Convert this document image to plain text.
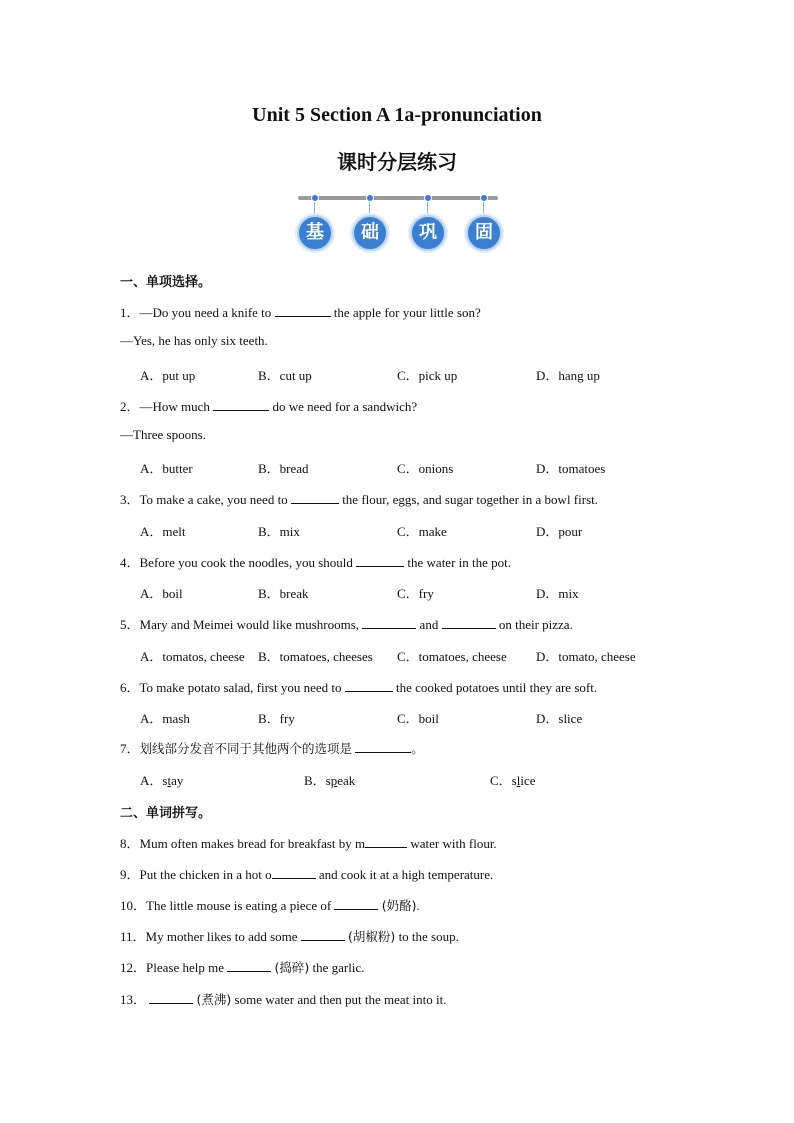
Unit 5 Section A 1a-pronunciation
课时分层练习
基	础	巩	固
一、单项选择。
1．—Do you need a knife to	the apple for your little son?
—Yes, he has only six teeth.
A．put up	B．cut up	C．pick up	D．hang up
2．—How much	do we need for a sandwich?
—Three spoons.
A．butter	B．bread	C．onions	D．tomatoes
3．To make a cake, you need to	the flour, eggs, and sugar together in a bowl first.
A．melt	B．mix	C．make	D．pour
4．Before you cook the noodles, you should	the water in the pot.
A．boil	B．break	C．fry	D．mix
5．Mary and Meimei would like mushrooms,	and	on their pizza.
A．tomatos, cheese B．tomatoes, cheeses C．tomatoes, cheese D．tomato, cheese
6．To make potato salad, first you need to	the cooked potatoes until they are soft.
A．mash	B．fry	C．boil	D．slice
7．划线部分发音不同于其他两个的选项是	。
A．stay	B．speak	C．slice
二、单词拼写。
8．Mum often makes bread for breakfast by m	water with flour.
9．Put the chicken in a hot o	and cook it at a high temperature.
10．The little mouse is eating a piece of	(奶酪).
11．My mother likes to add some	(胡椒粉) to the soup.
12．Please help me	(捣碎) the garlic.
13．	(煮沸) some water and then put the meat into it.
